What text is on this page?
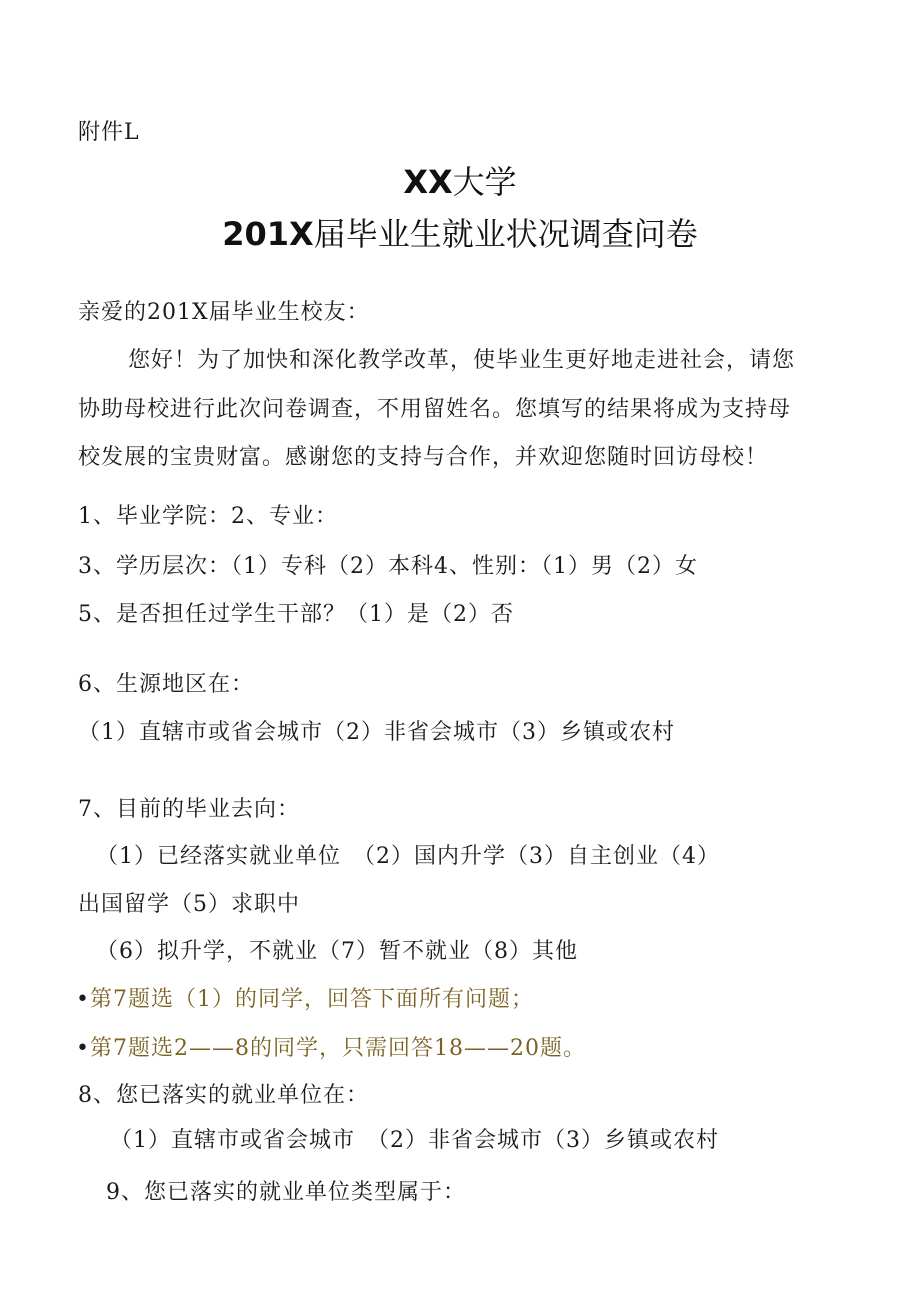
附件L
XX大学
201X届毕业生就业状况调查问卷
亲爱的201X届毕业生校友：
您好！为了加快和深化教学改革，使毕业生更好地走进社会，请您
协助母校进行此次问卷调查，不用留姓名。您填写的结果将成为支持母
校发展的宝贵财富。感谢您的支持与合作，并欢迎您随时回访母校！
1、毕业学院：2、专业：
3、学历层次：（1）专科（2）本科4、性别：（1）男（2）女
5、是否担任过学生干部？（1）是（2）否
6、生源地区在：
（1）直辖市或省会城市（2）非省会城市（3）乡镇或农村
7、目前的毕业去向：
（1）已经落实就业单位　（2）国内升学（3）自主创业（4）
出国留学（5）求职中
（6）拟升学，不就业（7）暂不就业（8）其他
•第7题选（1）的同学，回答下面所有问题；
•第7题选2——8的同学，只需回答18——20题。
8、您已落实的就业单位在：
（1）直辖市或省会城市　（2）非省会城市（3）乡镇或农村
9、您已落实的就业单位类型属于：
